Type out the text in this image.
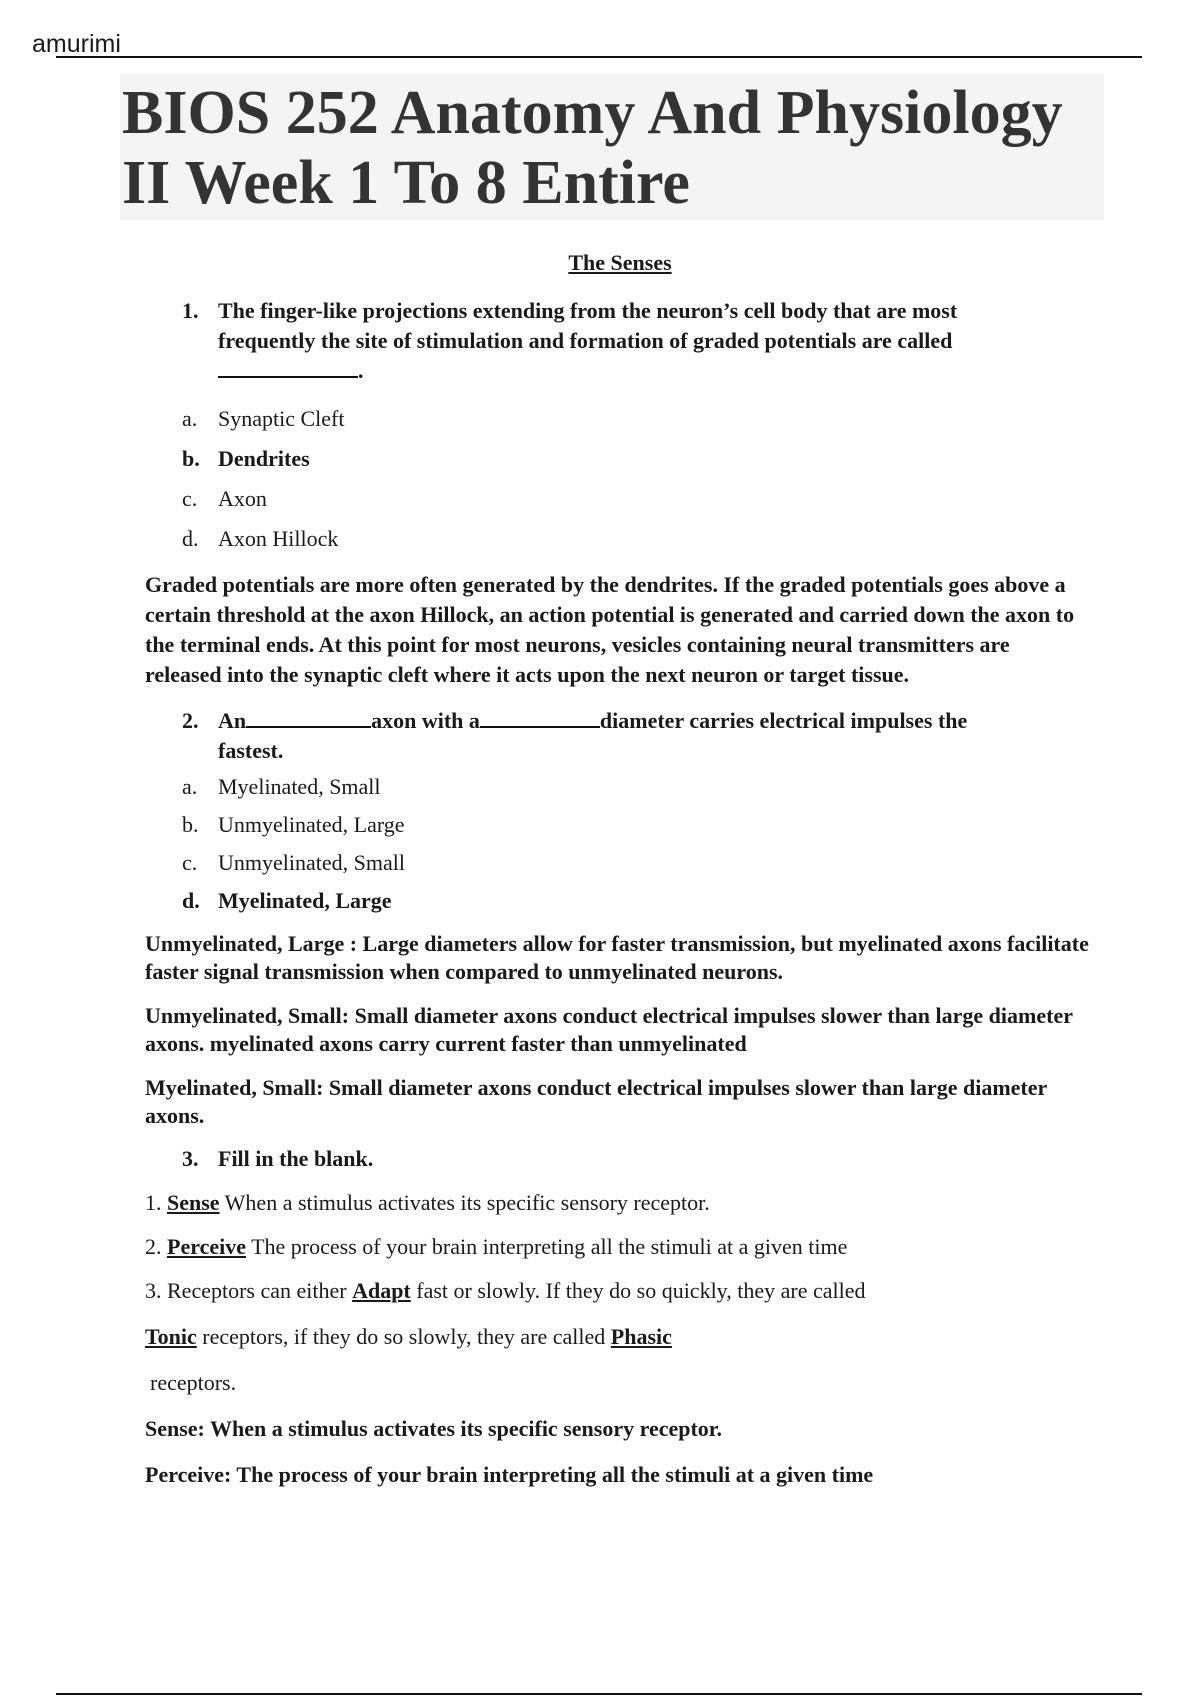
amurimi
BIOS 252 Anatomy And Physiology
II Week 1 To 8 Entire
The Senses
1. The finger-like projections extending from the neuron’s cell body that are most frequently the site of stimulation and formation of graded potentials are called
.
a. Synaptic Cleft
b. Dendrites
c. Axon
d. Axon Hillock
Graded potentials are more often generated by the dendrites. If the graded potentials goes above a certain threshold at the axon Hillock, an action potential is generated and carried down the axon to the terminal ends. At this point for most neurons, vesicles containing neural transmitters are released into the synaptic cleft where it acts upon the next neuron or target tissue.
2. An	axon with a	diameter carries electrical impulses the
fastest.
a. Myelinated, Small
b. Unmyelinated, Large
c. Unmyelinated, Small
d. Myelinated, Large
Unmyelinated, Large : Large diameters allow for faster transmission, but myelinated axons facilitate faster signal transmission when compared to unmyelinated neurons.
Unmyelinated, Small: Small diameter axons conduct electrical impulses slower than large diameter axons. myelinated axons carry current faster than unmyelinated
Myelinated, Small: Small diameter axons conduct electrical impulses slower than large diameter axons.
3. Fill in the blank.
1. Sense When a stimulus activates its specific sensory receptor.
2. Perceive The process of your brain interpreting all the stimuli at a given time
3. Receptors can either Adapt fast or slowly. If they do so quickly, they are called
Tonic receptors, if they do so slowly, they are called Phasic
receptors.
Sense: When a stimulus activates its specific sensory receptor.
Perceive: The process of your brain interpreting all the stimuli at a given time
